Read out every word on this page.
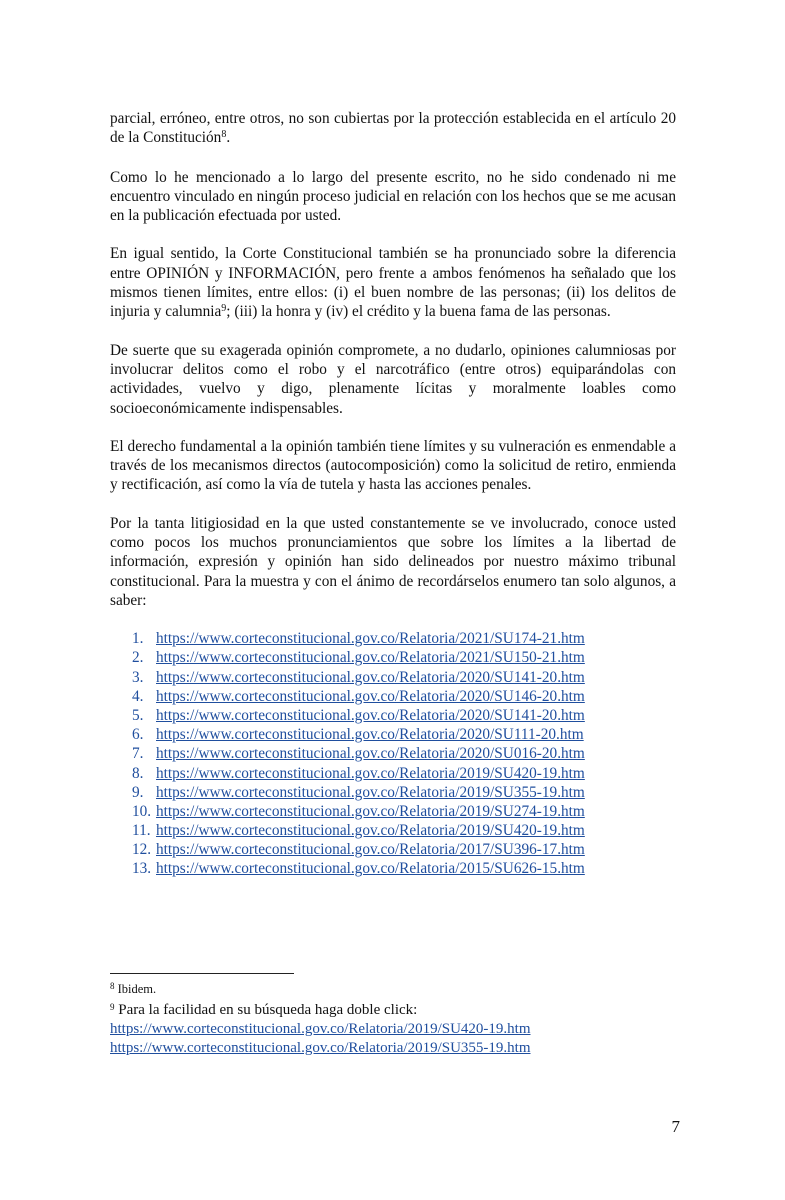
parcial, erróneo, entre otros, no son cubiertas por la protección establecida en el artículo 20 de la Constitución$^8$.

Como lo he mencionado a lo largo del presente escrito, no he sido condenado ni me encuentro vinculado en ningún proceso judicial en relación con los hechos que se me acusan en la publicación efectuada por usted.

En igual sentido, la Corte Constitucional también se ha pronunciado sobre la diferencia entre OPINIÓN y INFORMACIÓN, pero frente a ambos fenómenos ha señalado que los mismos tienen límites, entre ellos: (i) el buen nombre de las personas; (ii) los delitos de injuria y calumnia$^9$; (iii) la honra y (iv) el crédito y la buena fama de las personas.

De suerte que su exagerada opinión compromete, a no dudarlo, opiniones calumniosas por involucrar delitos como el robo y el narcotráfico (entre otros) equiparándolas con actividades, vuelvo y digo, plenamente lícitas y moralmente loables como socioeconómicamente indispensables.

El derecho fundamental a la opinión también tiene límites y su vulneración es enmendable a través de los mecanismos directos (autocomposición) como la solicitud de retiro, enmienda y rectificación, así como la vía de tutela y hasta las acciones penales.

Por la tanta litigiosidad en la que usted constantemente se ve involucrado, conoce usted como pocos los muchos pronunciamientos que sobre los límites a la libertad de información, expresión y opinión han sido delineados por nuestro máximo tribunal constitucional. Para la muestra y con el ánimo de recordárselos enumero tan solo algunos, a saber:

1. https://www.corteconstitucional.gov.co/Relatoria/2021/SU174-21.htm
2. https://www.corteconstitucional.gov.co/Relatoria/2021/SU150-21.htm
3. https://www.corteconstitucional.gov.co/Relatoria/2020/SU141-20.htm
4. https://www.corteconstitucional.gov.co/Relatoria/2020/SU146-20.htm
5. https://www.corteconstitucional.gov.co/Relatoria/2020/SU141-20.htm
6. https://www.corteconstitucional.gov.co/Relatoria/2020/SU111-20.htm
7. https://www.corteconstitucional.gov.co/Relatoria/2020/SU016-20.htm
8. https://www.corteconstitucional.gov.co/Relatoria/2019/SU420-19.htm
9. https://www.corteconstitucional.gov.co/Relatoria/2019/SU355-19.htm
10. https://www.corteconstitucional.gov.co/Relatoria/2019/SU274-19.htm
11. https://www.corteconstitucional.gov.co/Relatoria/2019/SU420-19.htm
12. https://www.corteconstitucional.gov.co/Relatoria/2017/SU396-17.htm
13. https://www.corteconstitucional.gov.co/Relatoria/2015/SU626-15.htm
$^8$ Ibidem.
$^9$ Para la facilidad en su búsqueda haga doble click:
https://www.corteconstitucional.gov.co/Relatoria/2019/SU420-19.htm
https://www.corteconstitucional.gov.co/Relatoria/2019/SU355-19.htm
7
